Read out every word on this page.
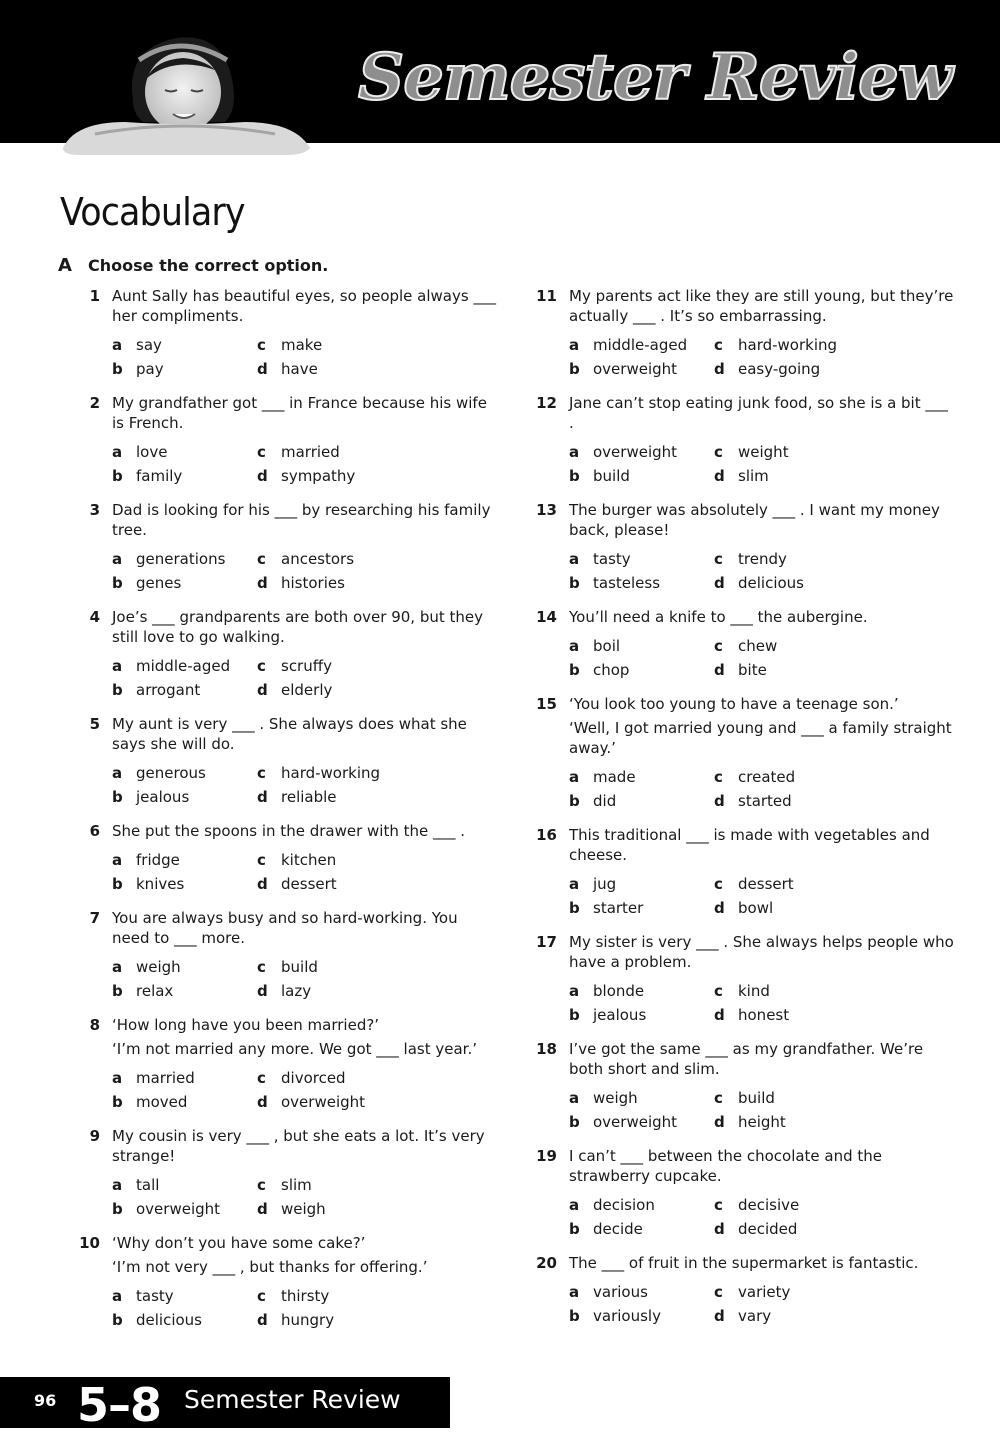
Semester Review
Vocabulary
A Choose the correct option.
1 Aunt Sally has beautiful eyes, so people always ___ her compliments.

a say	c	make
b pay	d have
2 My grandfather got ___ in France because his wife is French.

a love	c	married
b family	d sympathy
3 Dad is looking for his ___ by researching his family tree.

a generations c	ancestors
b genes	d histories
4 Joe’s ___ grandparents are both over 90, but they still love to go walking.

a middle-aged c	scruffy
b arrogant	d elderly
5 My aunt is very ___ . She always does what she says she will do.

a generous	c	hard-working
b jealous	d reliable
6 She put the spoons in the drawer with the ___ .

a fridge	c	kitchen
b knives	d dessert
7 You are always busy and so hard-working. You need to ___ more.

a weigh	c	build
b relax	d lazy
8 ‘How long have you been married?’

‘I’m not married any more. We got ___ last year.’

a married	c	divorced
b moved	d overweight
9 My cousin is very ___ , but she eats a lot. It’s very strange!

a tall	c	slim
b overweight d weigh
10 ‘Why don’t you have some cake?’

‘I’m not very ___ , but thanks for offering.’

a tasty	c	thirsty
b delicious	d hungry
11 My parents act like they are still young, but they’re actually ___ . It’s so embarrassing.

a middle-aged c	hard-working
b overweight d easy-going
12 Jane can’t stop eating junk food, so she is a bit ___ .

a overweight c	weight
b build	d slim
13 The burger was absolutely ___ . I want my money back, please!

a tasty	c	trendy
b tasteless	d delicious
14 You’ll need a knife to ___ the aubergine.

a boil	c	chew
b chop	d bite
15 ‘You look too young to have a teenage son.’

‘Well, I got married young and ___ a family straight away.’

a made	c	created
b did	d started
16 This traditional ___ is made with vegetables and cheese.

a jug	c	dessert
b starter	d bowl
17 My sister is very ___ . She always helps people who have a problem.

a blonde	c	kind
b jealous	d honest
18 I’ve got the same ___ as my grandfather. We’re both short and slim.

a weigh	c	build
b overweight d height
19 I can’t ___ between the chocolate and the strawberry cupcake.

a decision	c	decisive
b decide	d decided
20 The ___ of fruit in the supermarket is fantastic.

a various	c	variety
b variously	d vary
96 5–8 Semester Review
